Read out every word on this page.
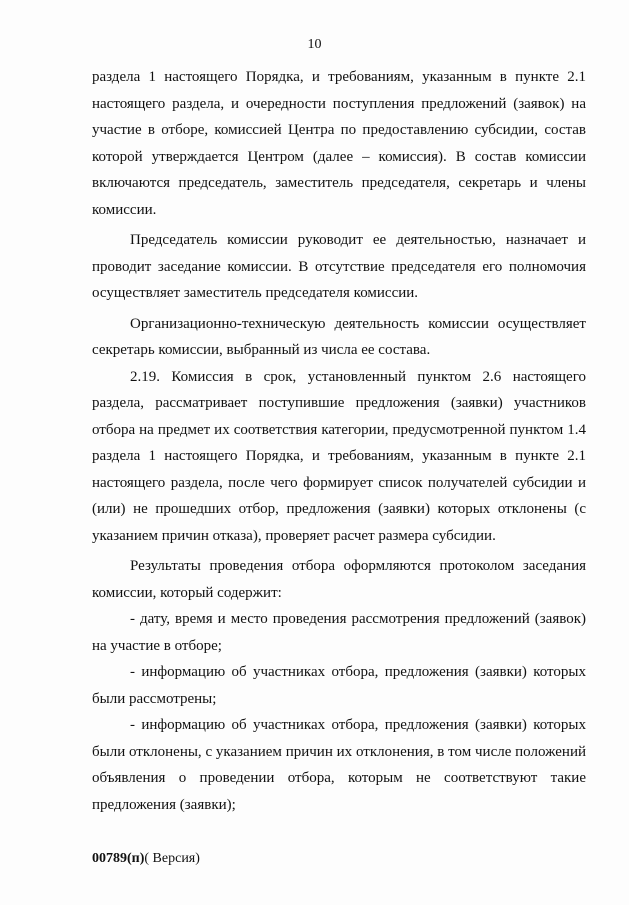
10

раздела 1 настоящего Порядка, и требованиям, указанным в пункте 2.1 настоящего раздела, и очередности поступления предложений (заявок) на участие в отборе, комиссией Центра по предоставлению субсидии, состав которой утверждается Центром (далее – комиссия). В состав комиссии включаются председатель, заместитель председателя, секретарь и члены комиссии.

Председатель комиссии руководит ее деятельностью, назначает и проводит заседание комиссии. В отсутствие председателя его полномочия осуществляет заместитель председателя комиссии.

Организационно-техническую деятельность комиссии осуществляет секретарь комиссии, выбранный из числа ее состава.

2.19. Комиссия в срок, установленный пунктом 2.6 настоящего раздела, рассматривает поступившие предложения (заявки) участников отбора на предмет их соответствия категории, предусмотренной пунктом 1.4 раздела 1 настоящего Порядка, и требованиям, указанным в пункте 2.1 настоящего раздела, после чего формирует список получателей субсидии и (или) не прошедших отбор, предложения (заявки) которых отклонены (с указанием причин отказа), проверяет расчет размера субсидии.

Результаты проведения отбора оформляются протоколом заседания комиссии, который содержит:

- дату, время и место проведения рассмотрения предложений (заявок) на участие в отборе;

- информацию об участниках отбора, предложения (заявки) которых были рассмотрены;

- информацию об участниках отбора, предложения (заявки) которых были отклонены, с указанием причин их отклонения, в том числе положений объявления о проведении отбора, которым не соответствуют такие предложения (заявки);

00789(п)( Версия)
